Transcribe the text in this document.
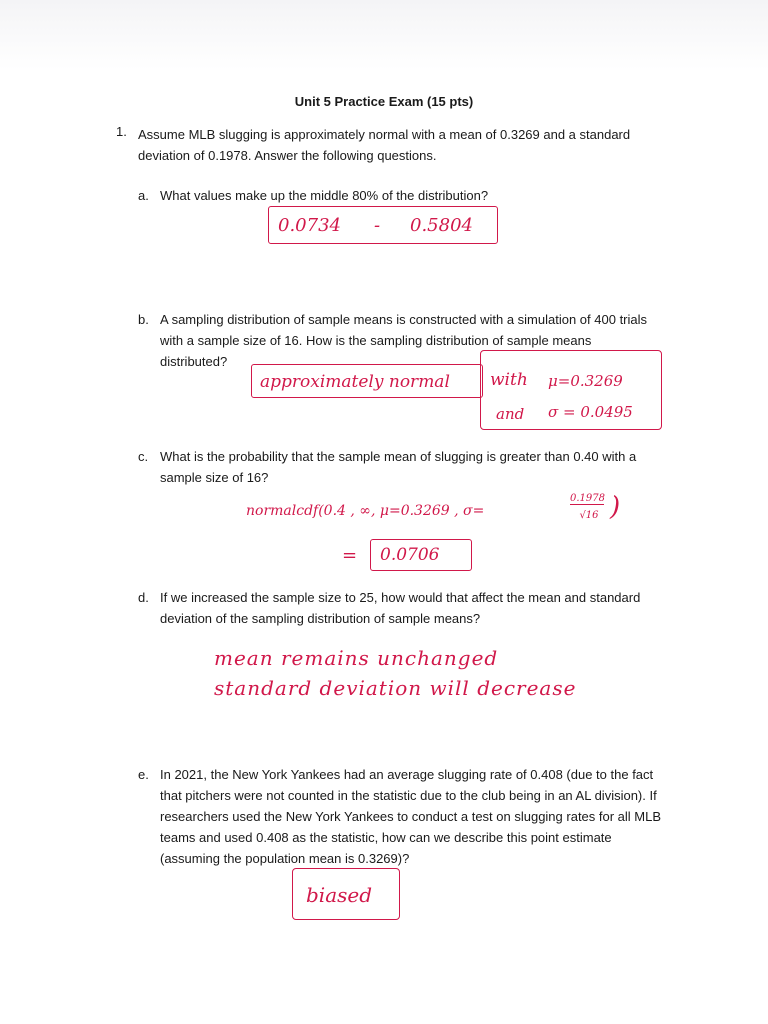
Unit 5 Practice Exam (15 pts)
1. Assume MLB slugging is approximately normal with a mean of 0.3269 and a standard deviation of 0.1978. Answer the following questions.
a. What values make up the middle 80% of the distribution?
0.0734 - 0.5804
b. A sampling distribution of sample means is constructed with a simulation of 400 trials with a sample size of 16. How is the sampling distribution of sample means distributed?
approximately normal with μ=0.3269
and σ = 0.0495
c. What is the probability that the sample mean of slugging is greater than 0.40 with a sample size of 16?
normalcdf(0.4 , ∞, μ=0.3269 , σ=
0.1978
√16 )
= 0.0706
d. If we increased the sample size to 25, how would that affect the mean and standard deviation of the sampling distribution of sample means?
mean remains unchanged
standard deviation will decrease
e. In 2021, the New York Yankees had an average slugging rate of 0.408 (due to the fact that pitchers were not counted in the statistic due to the club being in an AL division). If researchers used the New York Yankees to conduct a test on slugging rates for all MLB teams and used 0.408 as the statistic, how can we describe this point estimate (assuming the population mean is 0.3269)?
biased
